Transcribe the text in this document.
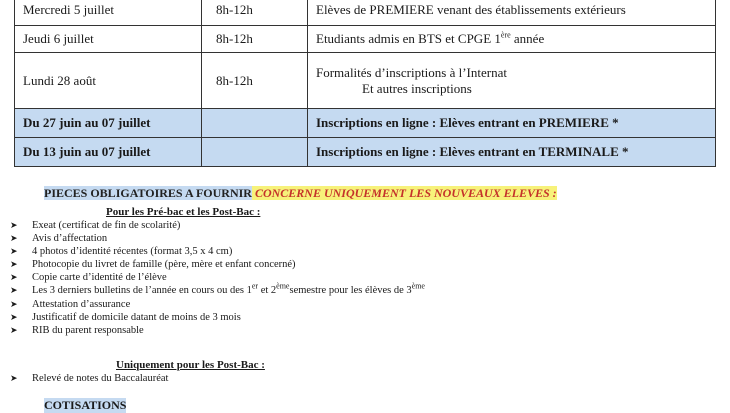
Mercredi 5 juillet	8h-12h	Elèves de PREMIERE venant des établissements extérieurs
Jeudi 6 juillet	8h-12h	Etudiants admis en BTS et CPGE 1ère année
Lundi 28 août	8h-12h	Formalités d’inscriptions à l’Internat
Et autres inscriptions

Du 27 juin au 07 juillet		Inscriptions en ligne : Elèves entrant en PREMIERE *
Du 13 juin au 07 juillet		Inscriptions en ligne : Elèves entrant en TERMINALE *
PIECES OBLIGATOIRES A FOURNIR CONCERNE UNIQUEMENT LES NOUVEAUX ELEVES :
Pour les Pré-bac et les Post-Bac :
➤ Exeat (certificat de fin de scolarité)
➤ Avis d’affectation
➤ 4 photos d’identité récentes (format 3,5 x 4 cm)
➤ Photocopie du livret de famille (père, mère et enfant concerné)
➤ Copie carte d’identité de l’élève
➤ Les 3 derniers bulletins de l’année en cours ou des 1er et 2èmesemestre pour les élèves de 3ème
➤ Attestation d’assurance
➤ Justificatif de domicile datant de moins de 3 mois
➤ RIB du parent responsable
Uniquement pour les Post-Bac :
➤ Relevé de notes du Baccalauréat
COTISATIONS
